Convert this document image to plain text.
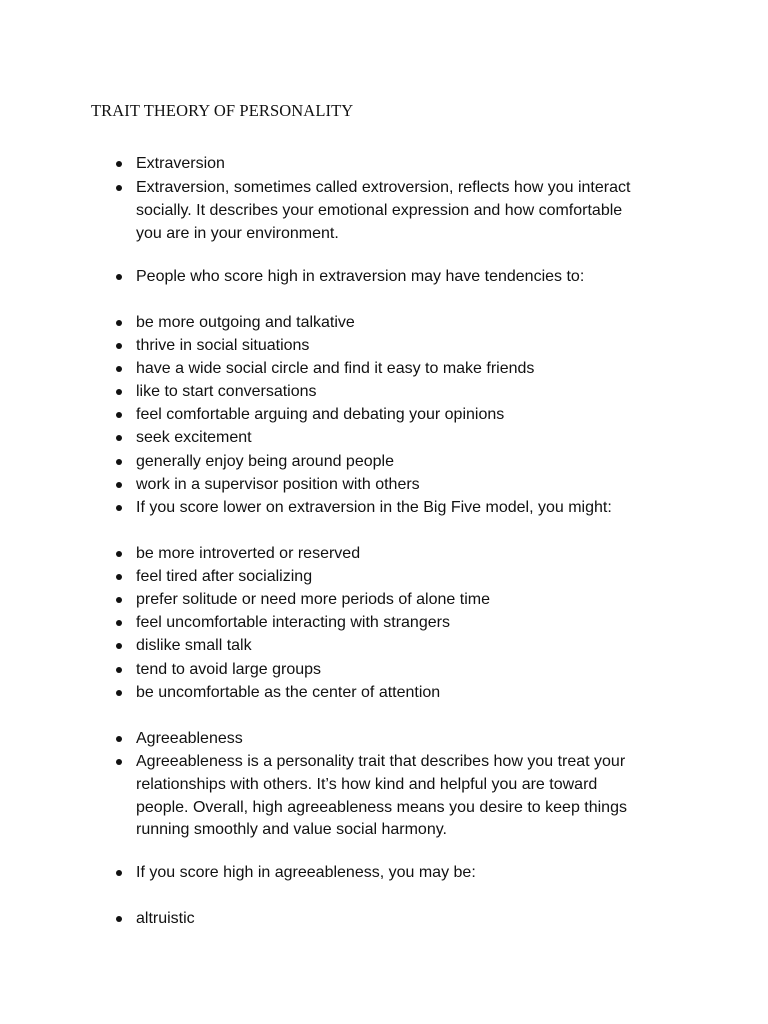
TRAIT THEORY OF PERSONALITY
Extraversion
Extraversion, sometimes called extroversion, reflects how you interact
socially. It describes your emotional expression and how comfortable
you are in your environment.
People who score high in extraversion may have tendencies to:
be more outgoing and talkative
thrive in social situations
have a wide social circle and find it easy to make friends
like to start conversations
feel comfortable arguing and debating your opinions
seek excitement
generally enjoy being around people
work in a supervisor position with others
If you score lower on extraversion in the Big Five model, you might:
be more introverted or reserved
feel tired after socializing
prefer solitude or need more periods of alone time
feel uncomfortable interacting with strangers
dislike small talk
tend to avoid large groups
be uncomfortable as the center of attention
Agreeableness
Agreeableness is a personality trait that describes how you treat your
relationships with others. It’s how kind and helpful you are toward
people. Overall, high agreeableness means you desire to keep things
running smoothly and value social harmony.
If you score high in agreeableness, you may be:
altruistic
